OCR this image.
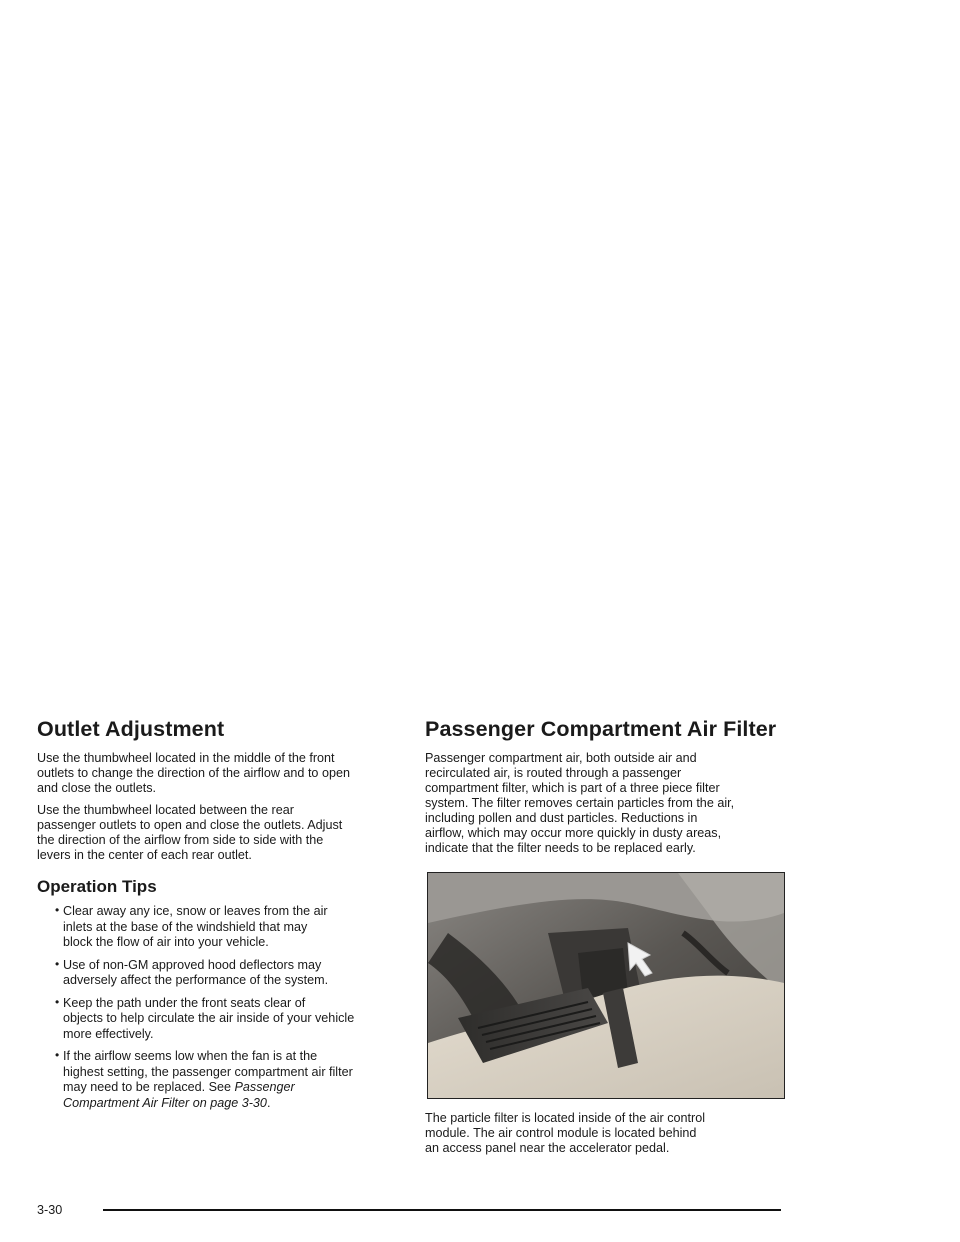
Outlet Adjustment

Use the thumbwheel located in the middle of the front
outlets to change the direction of the airflow and to open
and close the outlets.

Use the thumbwheel located between the rear
passenger outlets to open and close the outlets. Adjust
the direction of the airflow from side to side with the
levers in the center of each rear outlet.

Operation Tips
• Clear away any ice, snow or leaves from the air
inlets at the base of the windshield that may
block the flow of air into your vehicle.
• Use of non-GM approved hood deflectors may
adversely affect the performance of the system.
• Keep the path under the front seats clear of
objects to help circulate the air inside of your vehicle
more effectively.
• If the airflow seems low when the fan is at the
highest setting, the passenger compartment air filter
may need to be replaced. See Passenger
Compartment Air Filter on page 3-30.
Passenger Compartment Air Filter

Passenger compartment air, both outside air and
recirculated air, is routed through a passenger
compartment filter, which is part of a three piece filter
system. The filter removes certain particles from the air,
including pollen and dust particles. Reductions in
airflow, which may occur more quickly in dusty areas,
indicate that the filter needs to be replaced early.

The particle filter is located inside of the air control
module. The air control module is located behind
an access panel near the accelerator pedal.

3-30
